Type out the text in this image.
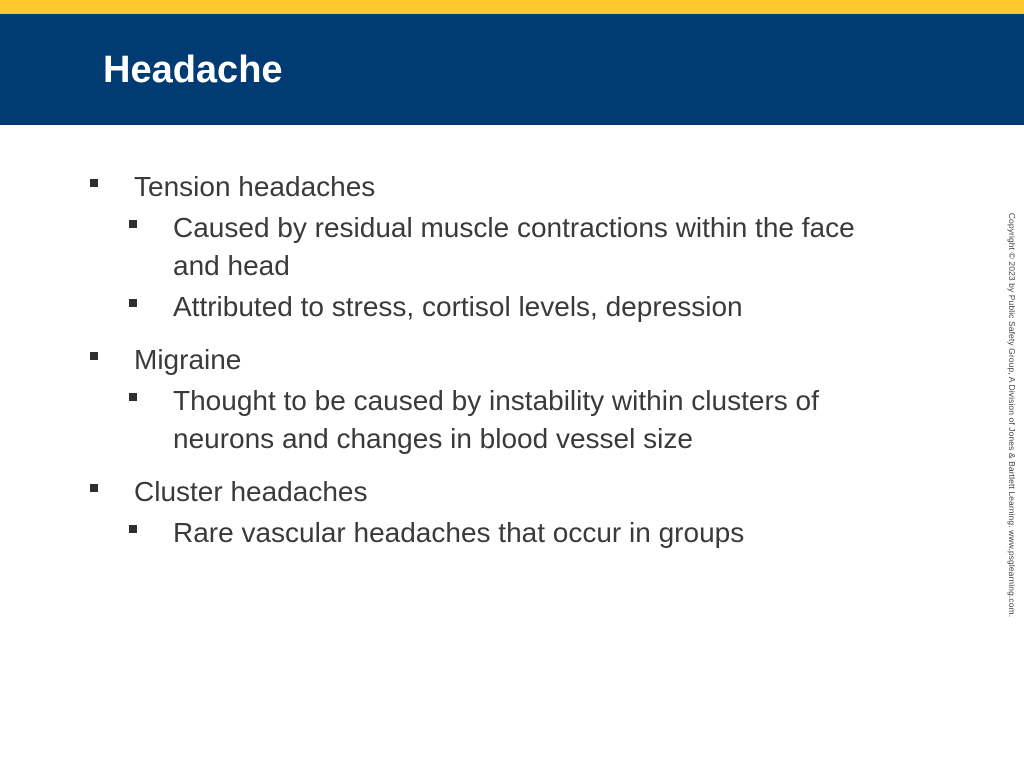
Headache
Tension headaches
Caused by residual muscle contractions within the face and head
Attributed to stress, cortisol levels, depression
Migraine
Thought to be caused by instability within clusters of neurons and changes in blood vessel size
Cluster headaches
Rare vascular headaches that occur in groups	Copyright © 2023 by Public Safety Group, A Division of Jones & Bartlett Learning. www.psglearning.com.
